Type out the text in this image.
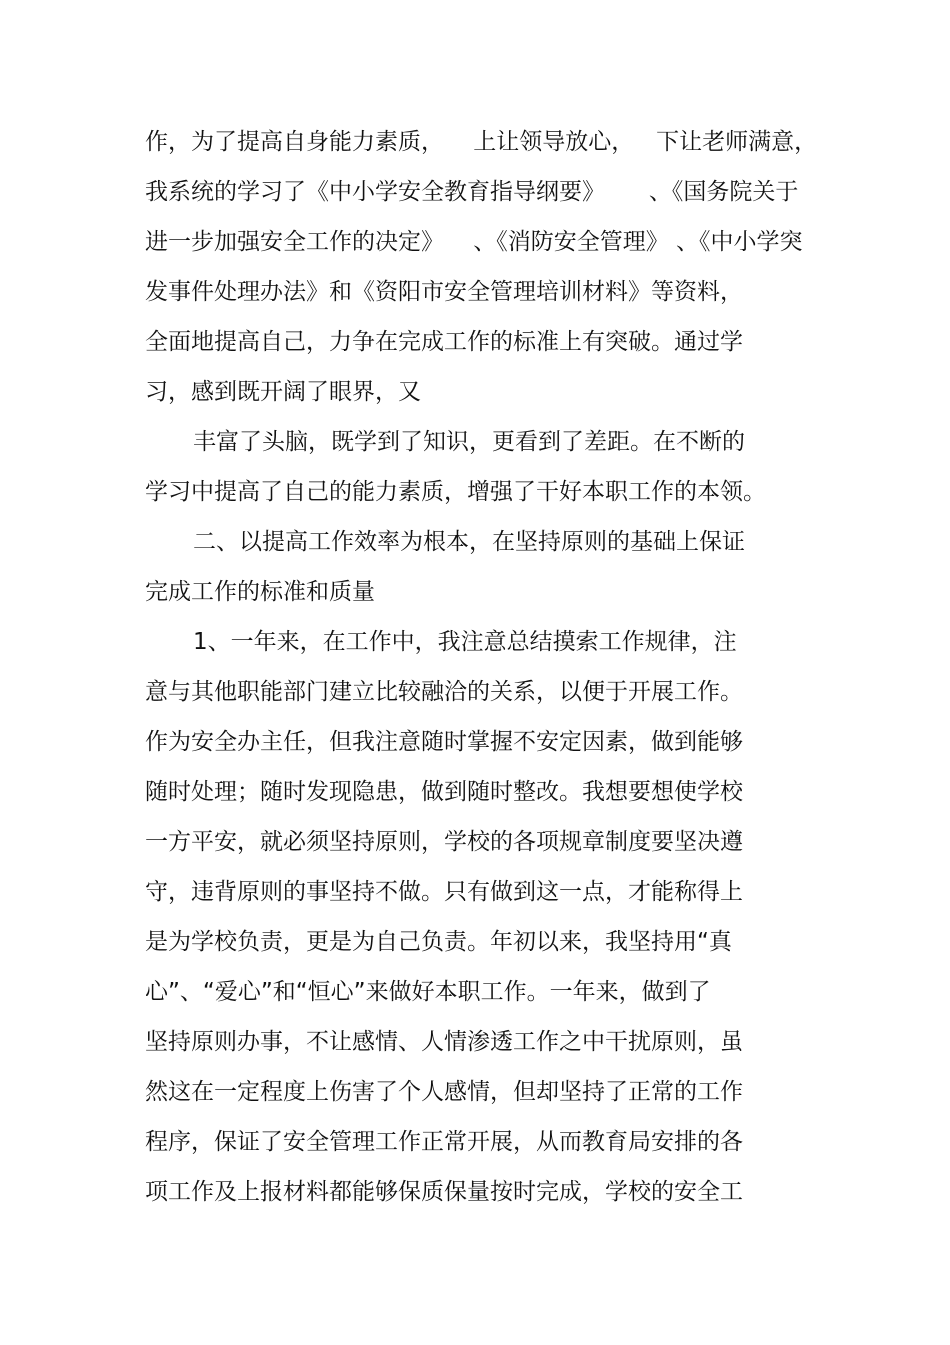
作，为了提高自身能力素质，    上让领导放心，   下让老师满意，
我系统的学习了《中小学安全教育指导纲要》      、《国务院关于
进一步加强安全工作的决定》    、《消防安全管理》 、《中小学突
发事件处理办法》和《资阳市安全管理培训材料》等资料，
全面地提高自己，力争在完成工作的标准上有突破。通过学
习，感到既开阔了眼界，又
丰富了头脑，既学到了知识，更看到了差距。在不断的
学习中提高了自己的能力素质，增强了干好本职工作的本领。
二、以提高工作效率为根本，在坚持原则的基础上保证
完成工作的标准和质量
1、一年来，在工作中，我注意总结摸索工作规律，注
意与其他职能部门建立比较融洽的关系，以便于开展工作。
作为安全办主任，但我注意随时掌握不安定因素，做到能够
随时处理；随时发现隐患，做到随时整改。我想要想使学校
一方平安，就必须坚持原则，学校的各项规章制度要坚决遵
守，违背原则的事坚持不做。只有做到这一点，才能称得上
是为学校负责，更是为自己负责。年初以来，我坚持用“真
心”、“爱心”和“恒心”来做好本职工作。一年来，做到了
坚持原则办事，不让感情、人情渗透工作之中干扰原则，虽
然这在一定程度上伤害了个人感情，但却坚持了正常的工作
程序，保证了安全管理工作正常开展，从而教育局安排的各
项工作及上报材料都能够保质保量按时完成，学校的安全工
